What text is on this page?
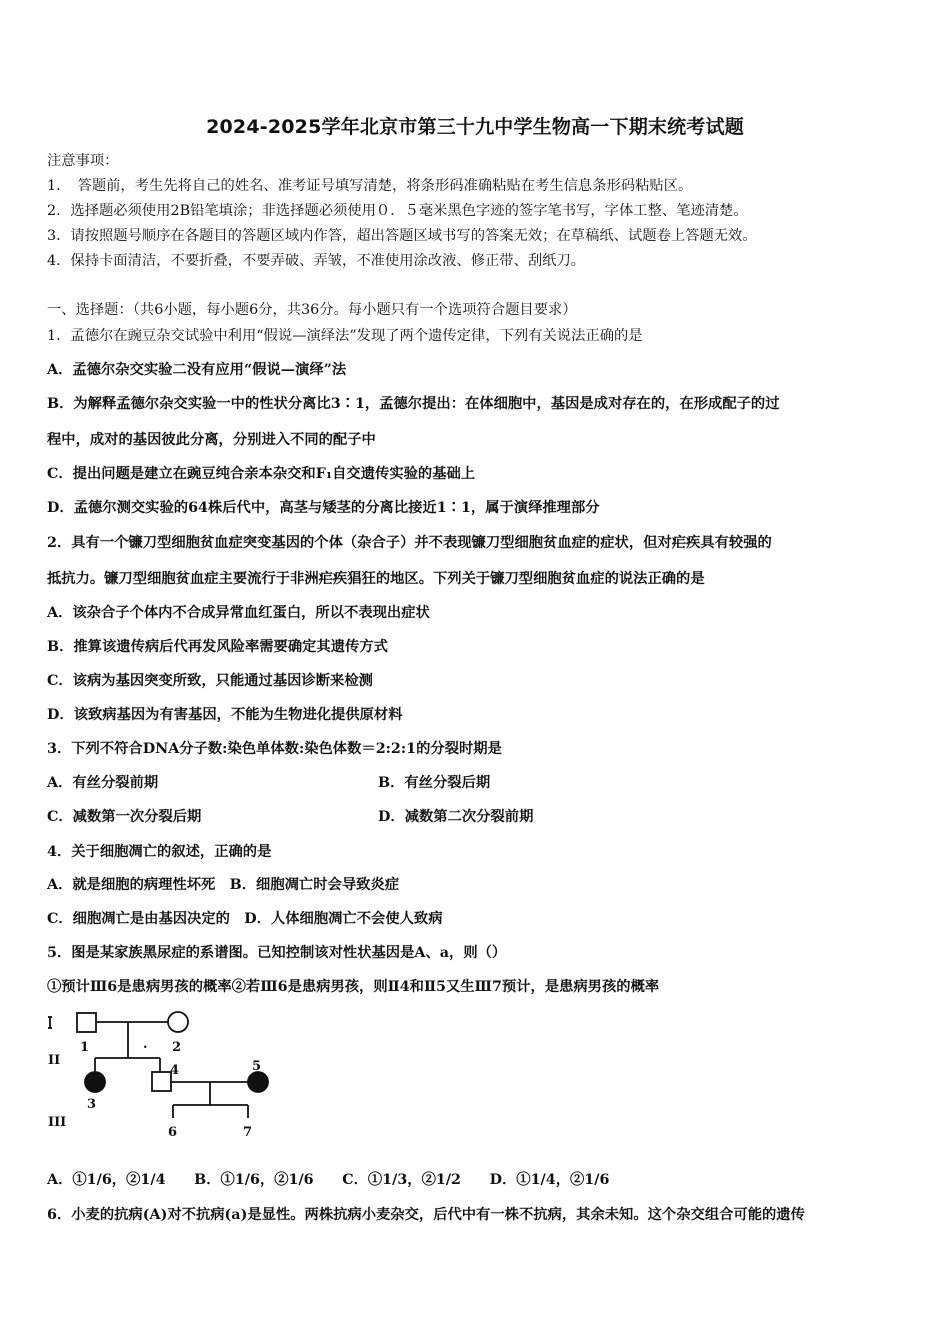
2024-2025学年北京市第三十九中学生物高一下期末统考试题
注意事项：
1．　答题前，考生先将自己的姓名、准考证号填写清楚，将条形码准确粘贴在考生信息条形码粘贴区。
2．选择题必须使用2B铅笔填涂；非选择题必须使用０．５毫米黑色字迹的签字笔书写，字体工整、笔迹清楚。
3．请按照题号顺序在各题目的答题区域内作答，超出答题区域书写的答案无效；在草稿纸、试题卷上答题无效。
4．保持卡面清洁，不要折叠，不要弄破、弄皱，不准使用涂改液、修正带、刮纸刀。
一、选择题：（共6小题，每小题6分，共36分。每小题只有一个选项符合题目要求）
1．孟德尔在豌豆杂交试验中利用“假说—演绎法”发现了两个遗传定律，下列有关说法正确的是
A．孟德尔杂交实验二没有应用“假说—演绎”法
B．为解释孟德尔杂交实验一中的性状分离比3∶1，孟德尔提出：在体细胞中，基因是成对存在的，在形成配子的过
程中，成对的基因彼此分离，分别进入不同的配子中
C．提出问题是建立在豌豆纯合亲本杂交和F₁自交遗传实验的基础上
D．孟德尔测交实验的64株后代中，高茎与矮茎的分离比接近1∶1，属于演绎推理部分
2．具有一个镰刀型细胞贫血症突变基因的个体（杂合子）并不表现镰刀型细胞贫血症的症状，但对疟疾具有较强的
抵抗力。镰刀型细胞贫血症主要流行于非洲疟疾猖狂的地区。下列关于镰刀型细胞贫血症的说法正确的是
A．该杂合子个体内不合成异常血红蛋白，所以不表现出症状
B．推算该遗传病后代再发风险率需要确定其遗传方式
C．该病为基因突变所致，只能通过基因诊断来检测
D．该致病基因为有害基因，不能为生物进化提供原材料
3．下列不符合DNA分子数:染色单体数:染色体数＝2:2:1的分裂时期是
A．有丝分裂前期	B．有丝分裂后期
C．减数第一次分裂后期	D．减数第二次分裂前期
4．关于细胞凋亡的叙述，正确的是
A．就是细胞的病理性坏死　B．细胞凋亡时会导致炎症
C．细胞凋亡是由基因决定的　D．人体细胞凋亡不会使人致病
5．图是某家族黑尿症的系谱图。已知控制该对性状基因是A、a，则（）
①预计Ⅲ6是患病男孩的概率②若Ⅲ6是患病男孩，则Ⅱ4和Ⅱ5又生Ⅲ7预计，是患病男孩的概率
II
III
1	2
3
4	5
6	7
.
A．①1/6，②1/4　　B．①1/6，②1/6　　C．①1/3，②1/2　　D．①1/4，②1/6
6．小麦的抗病(A)对不抗病(a)是显性。两株抗病小麦杂交，后代中有一株不抗病，其余未知。这个杂交组合可能的遗传
